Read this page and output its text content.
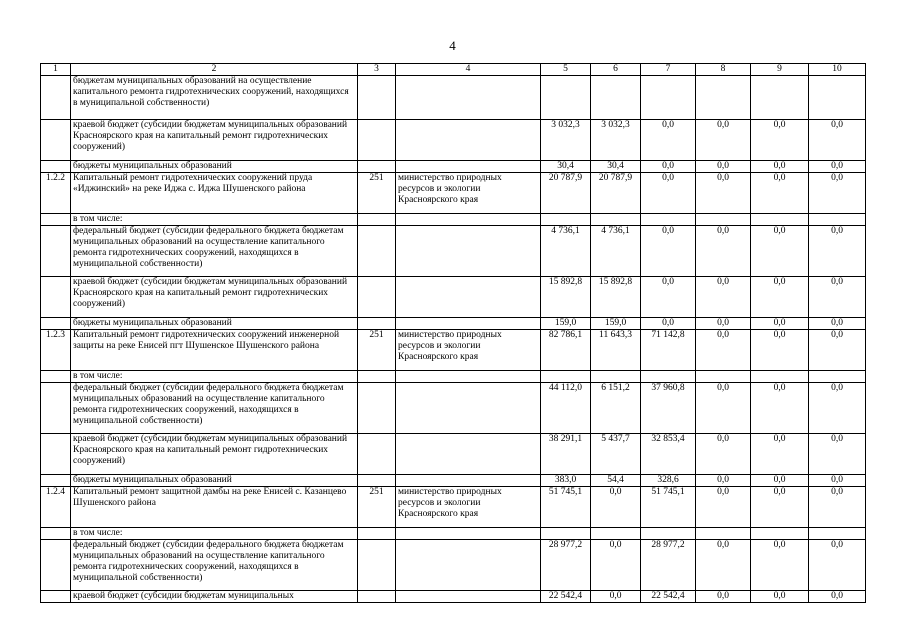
4
1	2	3	4	5	6	7	8	9	10
	бюджетам муниципальных образований на осуществление капитального ремонта гидротехнических сооружений, находящихся в муниципальной собственности)								
	краевой бюджет (субсидии бюджетам муниципальных образований Красноярского края на капитальный ремонт гидротехнических сооружений)			3 032,3	3 032,3	0,0	0,0	0,0	0,0
	бюджеты муниципальных образований			30,4	30,4	0,0	0,0	0,0	0,0
1.2.2	Капитальный ремонт гидротехнических сооружений пруда «Иджинский» на реке Иджа с. Иджа Шушенского района	251	министерство природных ресурсов и экологии Красноярского края	20 787,9	20 787,9	0,0	0,0	0,0	0,0
	в том числе:								
	федеральный бюджет (субсидии федерального бюджета бюджетам муниципальных образований на осуществление капитального ремонта гидротехнических сооружений, находящихся в муниципальной собственности)			4 736,1	4 736,1	0,0	0,0	0,0	0,0
	краевой бюджет (субсидии бюджетам муниципальных образований Красноярского края на капитальный ремонт гидротехнических сооружений)			15 892,8	15 892,8	0,0	0,0	0,0	0,0
	бюджеты муниципальных образований			159,0	159,0	0,0	0,0	0,0	0,0
1.2.3	Капитальный ремонт гидротехнических сооружений инженерной защиты на реке Енисей пгт Шушенское Шушенского района	251	министерство природных ресурсов и экологии Красноярского края	82 786,1	11 643,3	71 142,8	0,0	0,0	0,0
	в том числе:								
	федеральный бюджет (субсидии федерального бюджета бюджетам муниципальных образований на осуществление капитального ремонта гидротехнических сооружений, находящихся в муниципальной собственности)			44 112,0	6 151,2	37 960,8	0,0	0,0	0,0
	краевой бюджет (субсидии бюджетам муниципальных образований Красноярского края на капитальный ремонт гидротехнических сооружений)			38 291,1	5 437,7	32 853,4	0,0	0,0	0,0
	бюджеты муниципальных образований			383,0	54,4	328,6	0,0	0,0	0,0
1.2.4	Капитальный ремонт защитной дамбы на реке Енисей с. Казанцево Шушенского района	251	министерство природных ресурсов и экологии Красноярского края	51 745,1	0,0	51 745,1	0,0	0,0	0,0
	в том числе:								
	федеральный бюджет (субсидии федерального бюджета бюджетам муниципальных образований на осуществление капитального ремонта гидротехнических сооружений, находящихся в муниципальной собственности)			28 977,2	0,0	28 977,2	0,0	0,0	0,0
	краевой бюджет (субсидии бюджетам муниципальных			22 542,4	0,0	22 542,4	0,0	0,0	0,0
